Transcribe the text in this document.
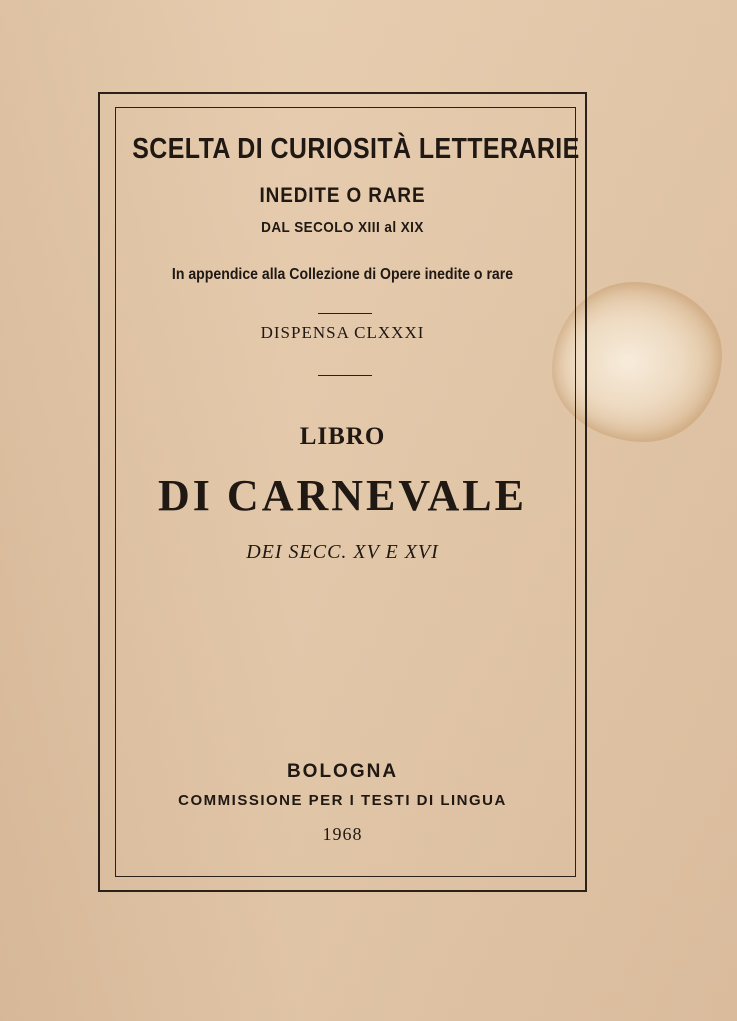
SCELTA DI CURIOSITÀ LETTERARIE
INEDITE O RARE
DAL SECOLO XIII al XIX
In appendice alla Collezione di Opere inedite o rare
DISPENSA CLXXXI
LIBRO
DI CARNEVALE
DEI SECC. XV E XVI
BOLOGNA
COMMISSIONE PER I TESTI DI LINGUA
1968
